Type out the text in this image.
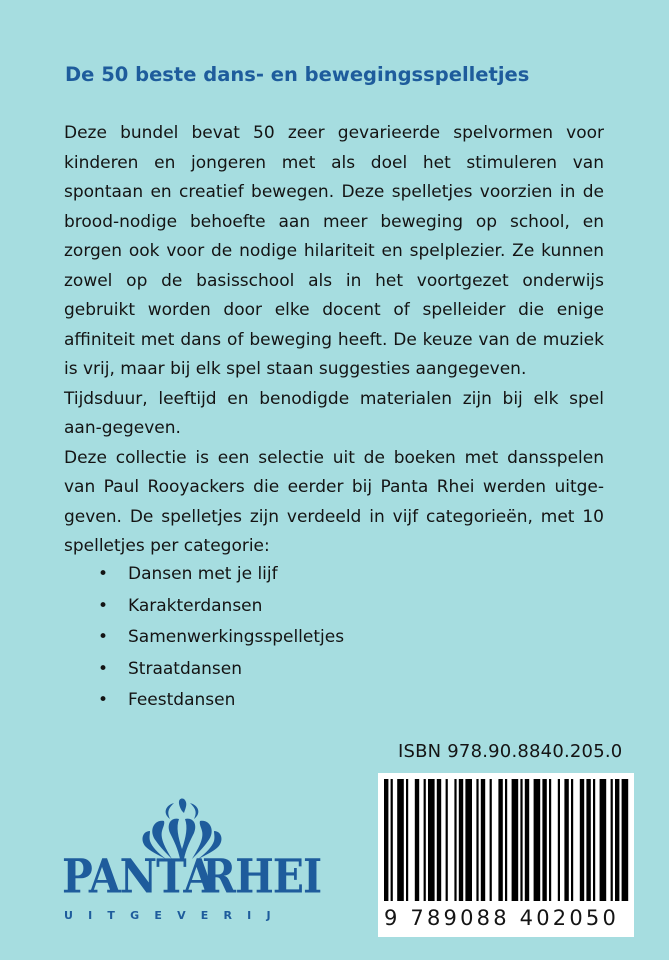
De 50 beste dans- en bewegingsspelletjes

Deze bundel bevat 50 zeer gevarieerde spelvormen voor kinderen en jongeren met als doel het stimuleren van spontaan en creatief bewegen. Deze spelletjes voorzien in de brood-nodige behoefte aan meer beweging op school, en zorgen ook voor de nodige hilariteit en spelplezier. Ze kunnen zowel op de basisschool als in het voortgezet onderwijs gebruikt worden door elke docent of spelleider die enige affiniteit met dans of beweging heeft. De keuze van de muziek is vrij, maar bij elk spel staan suggesties aangegeven.

Tijdsduur, leeftijd en benodigde materialen zijn bij elk spel aan-gegeven.

Deze collectie is een selectie uit de boeken met dansspelen van Paul Rooyackers die eerder bij Panta Rhei werden uitge-geven. De spelletjes zijn verdeeld in vijf categorieën, met 10 spelletjes per categorie:

• Dansen met je lijf
• Karakterdansen
• Samenwerkingsspelletjes
• Straatdansen
• Feestdansen
ISBN 978.90.8840.205.0
9 789088 402050
PANTA
RHEI
UITGEVERIJ
